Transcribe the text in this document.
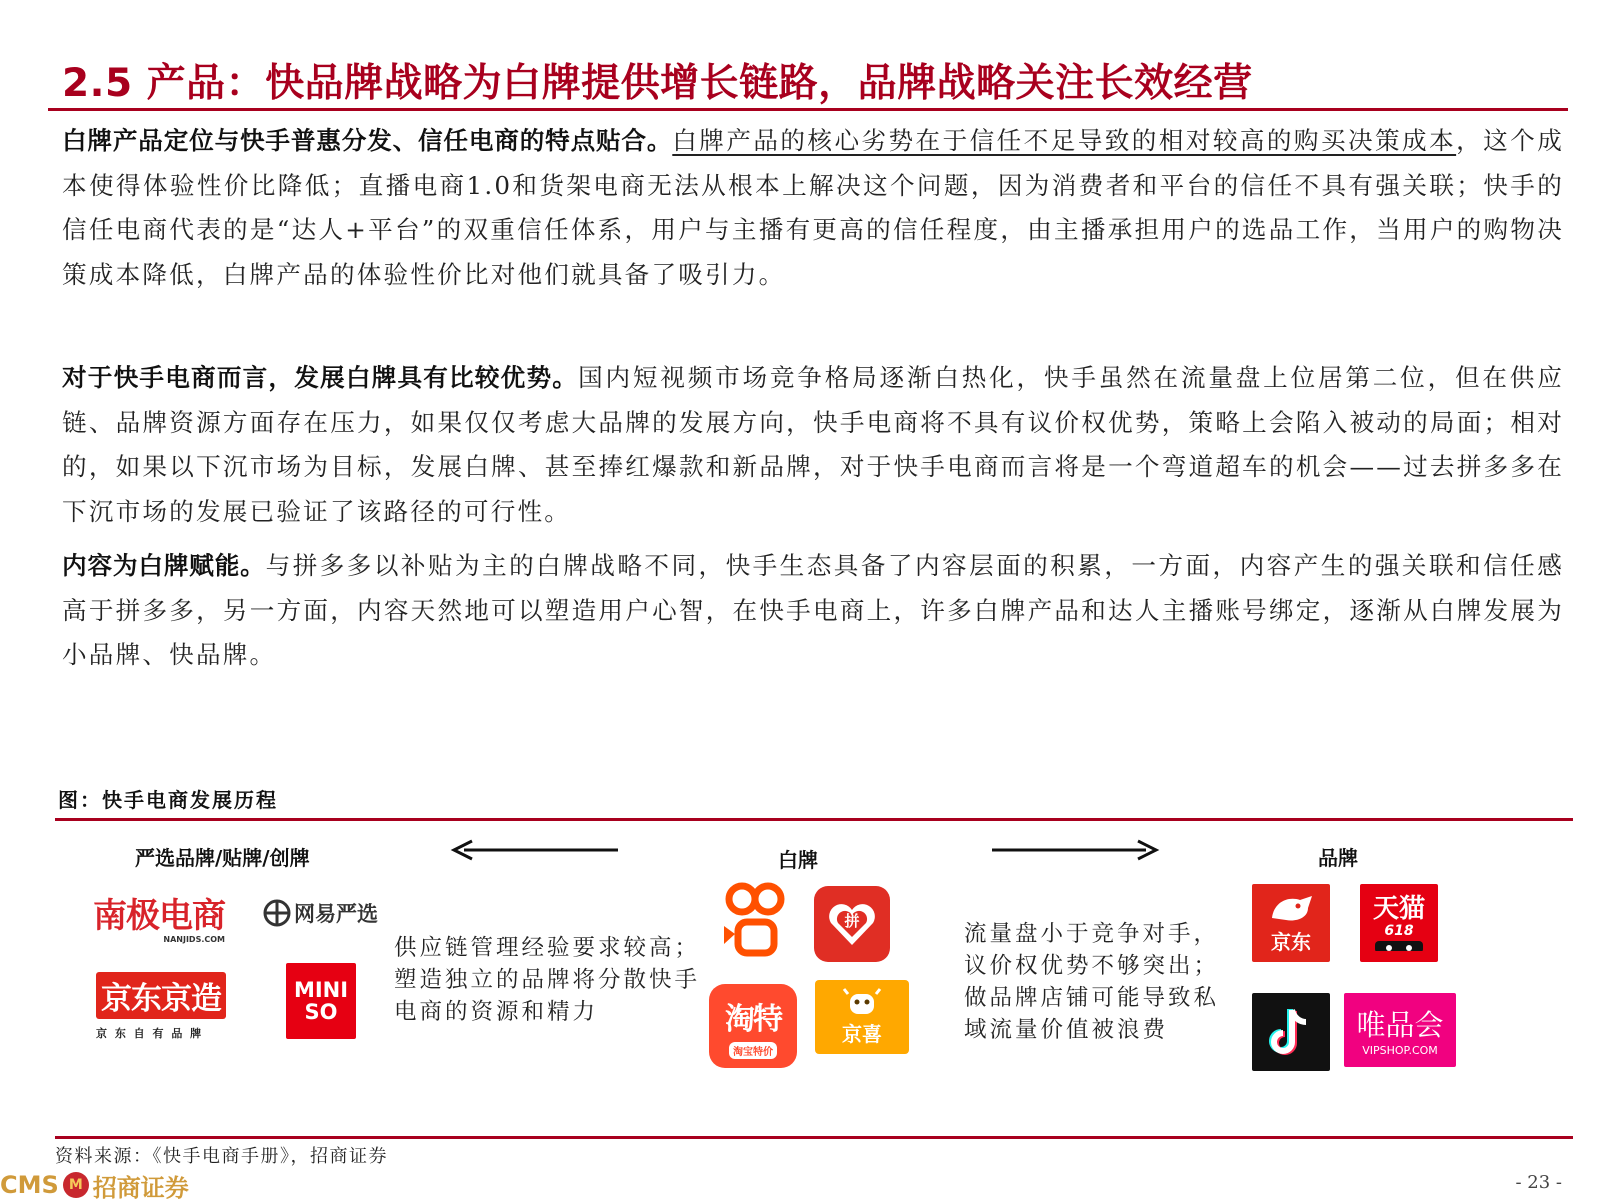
2.5 产品：快品牌战略为白牌提供增长链路，品牌战略关注长效经营
白牌产品定位与快手普惠分发、信任电商的特点贴合。白牌产品的核心劣势在于信任不足导致的相对较高的购买决策成本，这个成本使得体验性价比降低；直播电商1.0和货架电商无法从根本上解决这个问题，因为消费者和平台的信任不具有强关联；快手的信任电商代表的是“达人+平台”的双重信任体系，用户与主播有更高的信任程度，由主播承担用户的选品工作，当用户的购物决策成本降低，白牌产品的体验性价比对他们就具备了吸引力。
对于快手电商而言，发展白牌具有比较优势。国内短视频市场竞争格局逐渐白热化，快手虽然在流量盘上位居第二位，但在供应链、品牌资源方面存在压力，如果仅仅考虑大品牌的发展方向，快手电商将不具有议价权优势，策略上会陷入被动的局面；相对的，如果以下沉市场为目标，发展白牌、甚至捧红爆款和新品牌，对于快手电商而言将是一个弯道超车的机会——过去拼多多在下沉市场的发展已验证了该路径的可行性。
内容为白牌赋能。与拼多多以补贴为主的白牌战略不同，快手生态具备了内容层面的积累，一方面，内容产生的强关联和信任感高于拼多多，另一方面，内容天然地可以塑造用户心智，在快手电商上，许多白牌产品和达人主播账号绑定，逐渐从白牌发展为小品牌、快品牌。
图：快手电商发展历程
严选品牌/贴牌/创牌	白牌	品牌
南极电商
NANJIDS.COM
网易严选
京东京造
京 东 自 有 品 牌
MINI
SO
供应链管理经验要求较高；塑造独立的品牌将分散快手电商的资源和精力
拼
淘特
淘宝特价
京喜
流量盘小于竞争对手，议价权优势不够突出；做品牌店铺可能导致私域流量价值被浪费
京东
天猫
618
唯品会
VIPSHOP.COM
资料来源：《快手电商手册》，招商证券
CMS M 招商证券	- 23 -
